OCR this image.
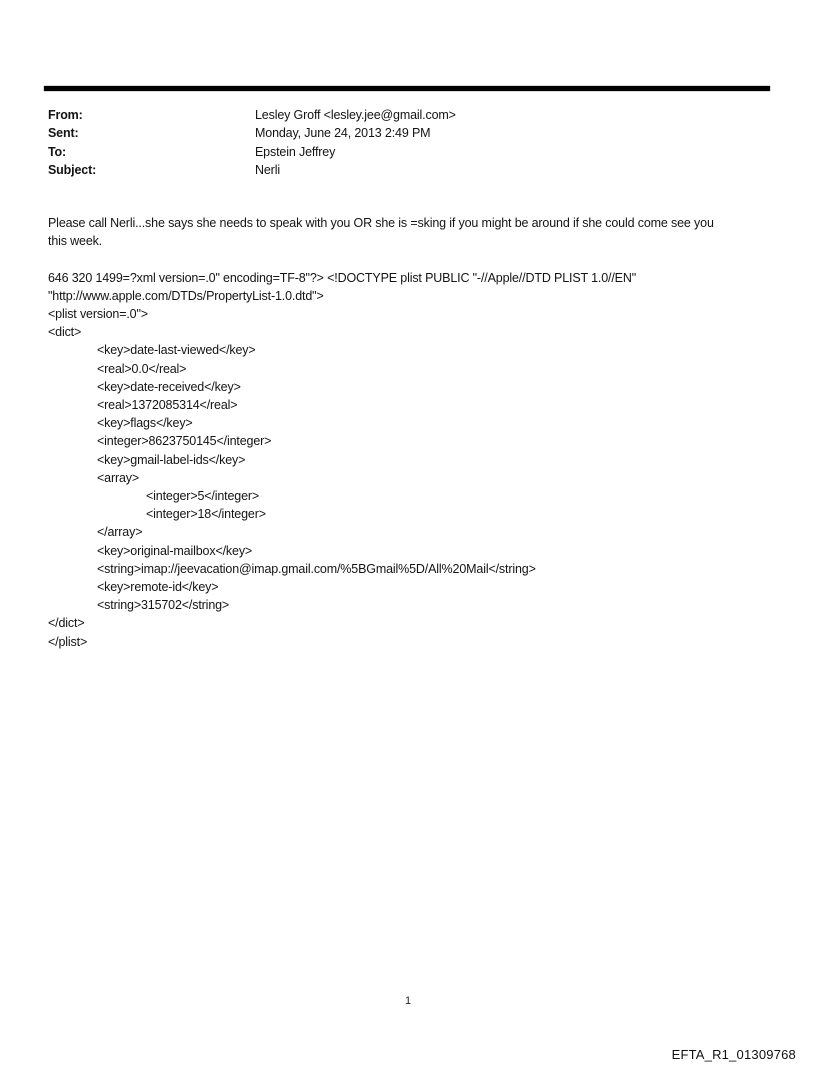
From:	Lesley Groff <lesley.jee@gmail.com>
Sent:	Monday, June 24, 2013 2:49 PM
To:	Epstein Jeffrey
Subject:	Nerli
Please call Nerli...she says she needs to speak with you OR she is =sking if you might be around if she could come see you
this week.
646 320 1499=?xml version=.0" encoding=TF-8"?> <!DOCTYPE plist PUBLIC "-//Apple//DTD PLIST 1.0//EN"
"http://www.apple.com/DTDs/PropertyList-1.0.dtd">
<plist version=.0">
<dict>
<key>date-last-viewed</key>
<real>0.0</real>
<key>date-received</key>
<real>1372085314</real>
<key>flags</key>
<integer>8623750145</integer>
<key>gmail-label-ids</key>
<array>
<integer>5</integer>
<integer>18</integer>
</array>
<key>original-mailbox</key>
<string>imap://jeevacation@imap.gmail.com/%5BGmail%5D/All%20Mail</string>
<key>remote-id</key>
<string>315702</string>
</dict>
</plist>
1
EFTA_R1_01309768
